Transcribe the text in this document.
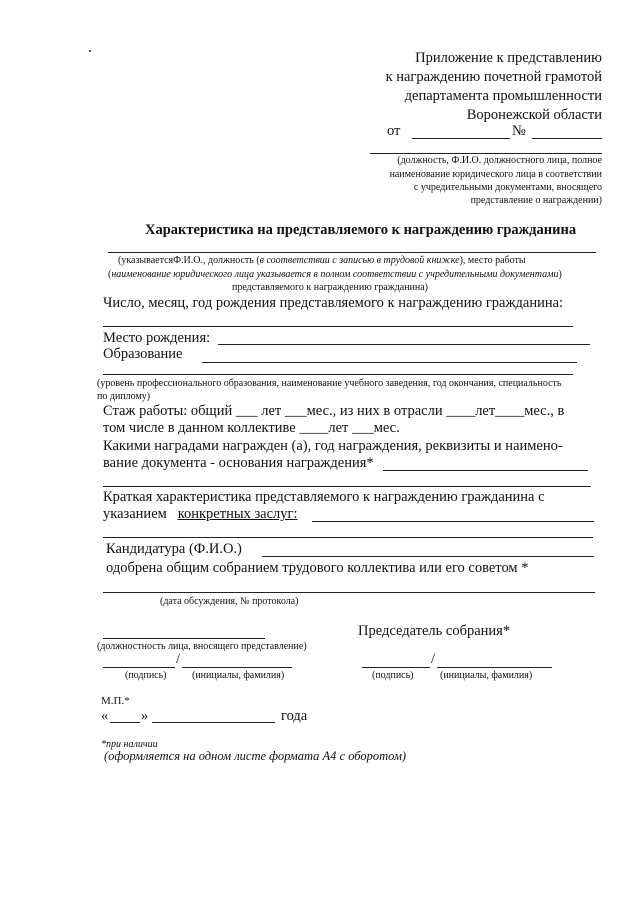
Приложение к представлению
к награждению почетной грамотой
департамента промышленности
Воронежской области
от	№
(должность, Ф.И.О. должностного лица, полное
наименование юридического лица в соответствии
с учредительными документами, вносящего
представление о награждении)
Характеристика на представляемого к награждению гражданина
(указываетсяФ.И.О., должность (в соответствии с записью в трудовой книжке), место работы
(наименование юридического лица указывается в полном соответствии с учредительными документами)
представляемого к награждению гражданина)
Число, месяц, год рождения представляемого к награждению гражданина:
Место рождения:
Образование
(уровень профессионального образования, наименование учебного заведения, год окончания, специальность
по диплому)
Стаж работы: общий ___ лет ___мес., из них в отрасли ____лет____мес., в
том числе в данном коллективе ____лет ___мес.
Какими наградами награжден (а), год награждения, реквизиты и наимено-
вание документа - основания награждения*
Краткая характеристика представляемого к награждению гражданина с
указанием конкретных заслуг:
Кандидатура (Ф.И.О.)
одобрена общим собранием трудового коллектива или его советом *
(дата обсуждения, № протокола)
Председатель собрания*
(должностность лица, вносящего представление)
/
(подпись)	(инициалы, фамилия)
/
(подпись)	(инициалы, фамилия)
М.П.*
« »	года
*при наличии
(оформляется на одном листе формата А4 с оборотом)
